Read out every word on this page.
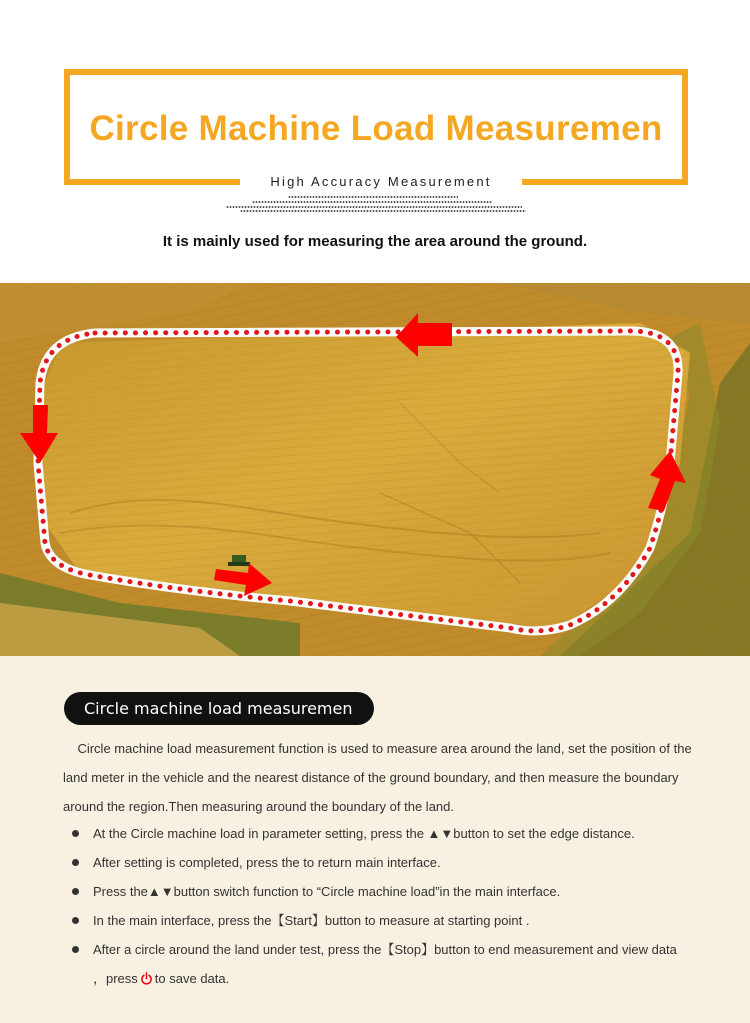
Circle Machine Load Measuremen
High Accuracy Measurement
It is mainly used for measuring the area around the ground.
Circle machine load measuremen

Circle machine load measurement function is used to measure area around the land, set the position of the land meter in the vehicle and the nearest distance of the ground boundary, and then measure the boundary around the region.Then measuring around the boundary of the land.

At the Circle machine load in parameter setting, press the ▲▼button to set the edge distance.
After setting is completed, press the to return main interface.
Press the▲▼button switch function to “Circle machine load”in the main interface.
In the main interface, press the【Start】button to measure at starting point .
After a circle around the land under test, press the【Stop】button to end measurement and view data
，press to save data.
